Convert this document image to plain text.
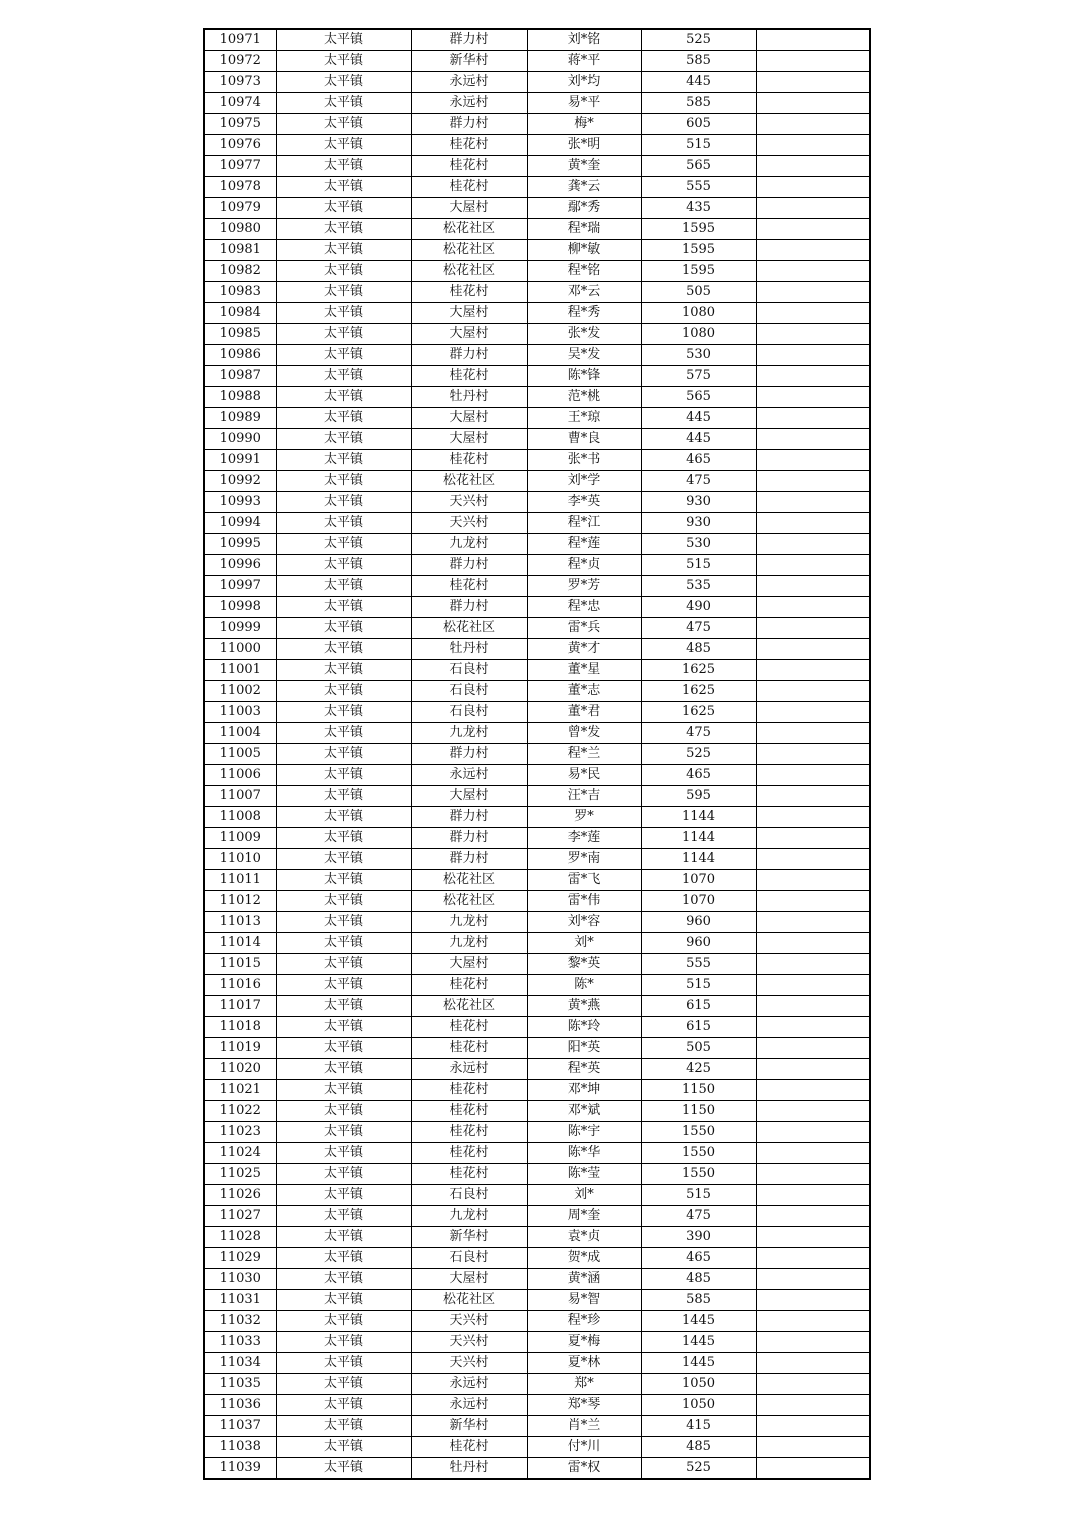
10971	太平镇	群力村	刘*铭	525	
10972	太平镇	新华村	蒋*平	585	
10973	太平镇	永远村	刘*均	445	
10974	太平镇	永远村	易*平	585	
10975	太平镇	群力村	梅*	605	
10976	太平镇	桂花村	张*明	515	
10977	太平镇	桂花村	黄*奎	565	
10978	太平镇	桂花村	龚*云	555	
10979	太平镇	大屋村	鄢*秀	435	
10980	太平镇	松花社区	程*瑞	1595	
10981	太平镇	松花社区	柳*敏	1595	
10982	太平镇	松花社区	程*铭	1595	
10983	太平镇	桂花村	邓*云	505	
10984	太平镇	大屋村	程*秀	1080	
10985	太平镇	大屋村	张*发	1080	
10986	太平镇	群力村	吴*发	530	
10987	太平镇	桂花村	陈*锋	575	
10988	太平镇	牡丹村	范*桃	565	
10989	太平镇	大屋村	王*琼	445	
10990	太平镇	大屋村	曹*良	445	
10991	太平镇	桂花村	张*书	465	
10992	太平镇	松花社区	刘*学	475	
10993	太平镇	天兴村	李*英	930	
10994	太平镇	天兴村	程*江	930	
10995	太平镇	九龙村	程*莲	530	
10996	太平镇	群力村	程*贞	515	
10997	太平镇	桂花村	罗*芳	535	
10998	太平镇	群力村	程*忠	490	
10999	太平镇	松花社区	雷*兵	475	
11000	太平镇	牡丹村	黄*才	485	
11001	太平镇	石良村	董*星	1625	
11002	太平镇	石良村	董*志	1625	
11003	太平镇	石良村	董*君	1625	
11004	太平镇	九龙村	曾*发	475	
11005	太平镇	群力村	程*兰	525	
11006	太平镇	永远村	易*民	465	
11007	太平镇	大屋村	汪*吉	595	
11008	太平镇	群力村	罗*	1144	
11009	太平镇	群力村	李*莲	1144	
11010	太平镇	群力村	罗*南	1144	
11011	太平镇	松花社区	雷*飞	1070	
11012	太平镇	松花社区	雷*伟	1070	
11013	太平镇	九龙村	刘*容	960	
11014	太平镇	九龙村	刘*	960	
11015	太平镇	大屋村	黎*英	555	
11016	太平镇	桂花村	陈*	515	
11017	太平镇	松花社区	黄*燕	615	
11018	太平镇	桂花村	陈*玲	615	
11019	太平镇	桂花村	阳*英	505	
11020	太平镇	永远村	程*英	425	
11021	太平镇	桂花村	邓*坤	1150	
11022	太平镇	桂花村	邓*斌	1150	
11023	太平镇	桂花村	陈*宇	1550	
11024	太平镇	桂花村	陈*华	1550	
11025	太平镇	桂花村	陈*莹	1550	
11026	太平镇	石良村	刘*	515	
11027	太平镇	九龙村	周*奎	475	
11028	太平镇	新华村	袁*贞	390	
11029	太平镇	石良村	贺*成	465	
11030	太平镇	大屋村	黄*涵	485	
11031	太平镇	松花社区	易*智	585	
11032	太平镇	天兴村	程*珍	1445	
11033	太平镇	天兴村	夏*梅	1445	
11034	太平镇	天兴村	夏*林	1445	
11035	太平镇	永远村	郑*	1050	
11036	太平镇	永远村	郑*琴	1050	
11037	太平镇	新华村	肖*兰	415	
11038	太平镇	桂花村	付*川	485	
11039	太平镇	牡丹村	雷*权	525	
